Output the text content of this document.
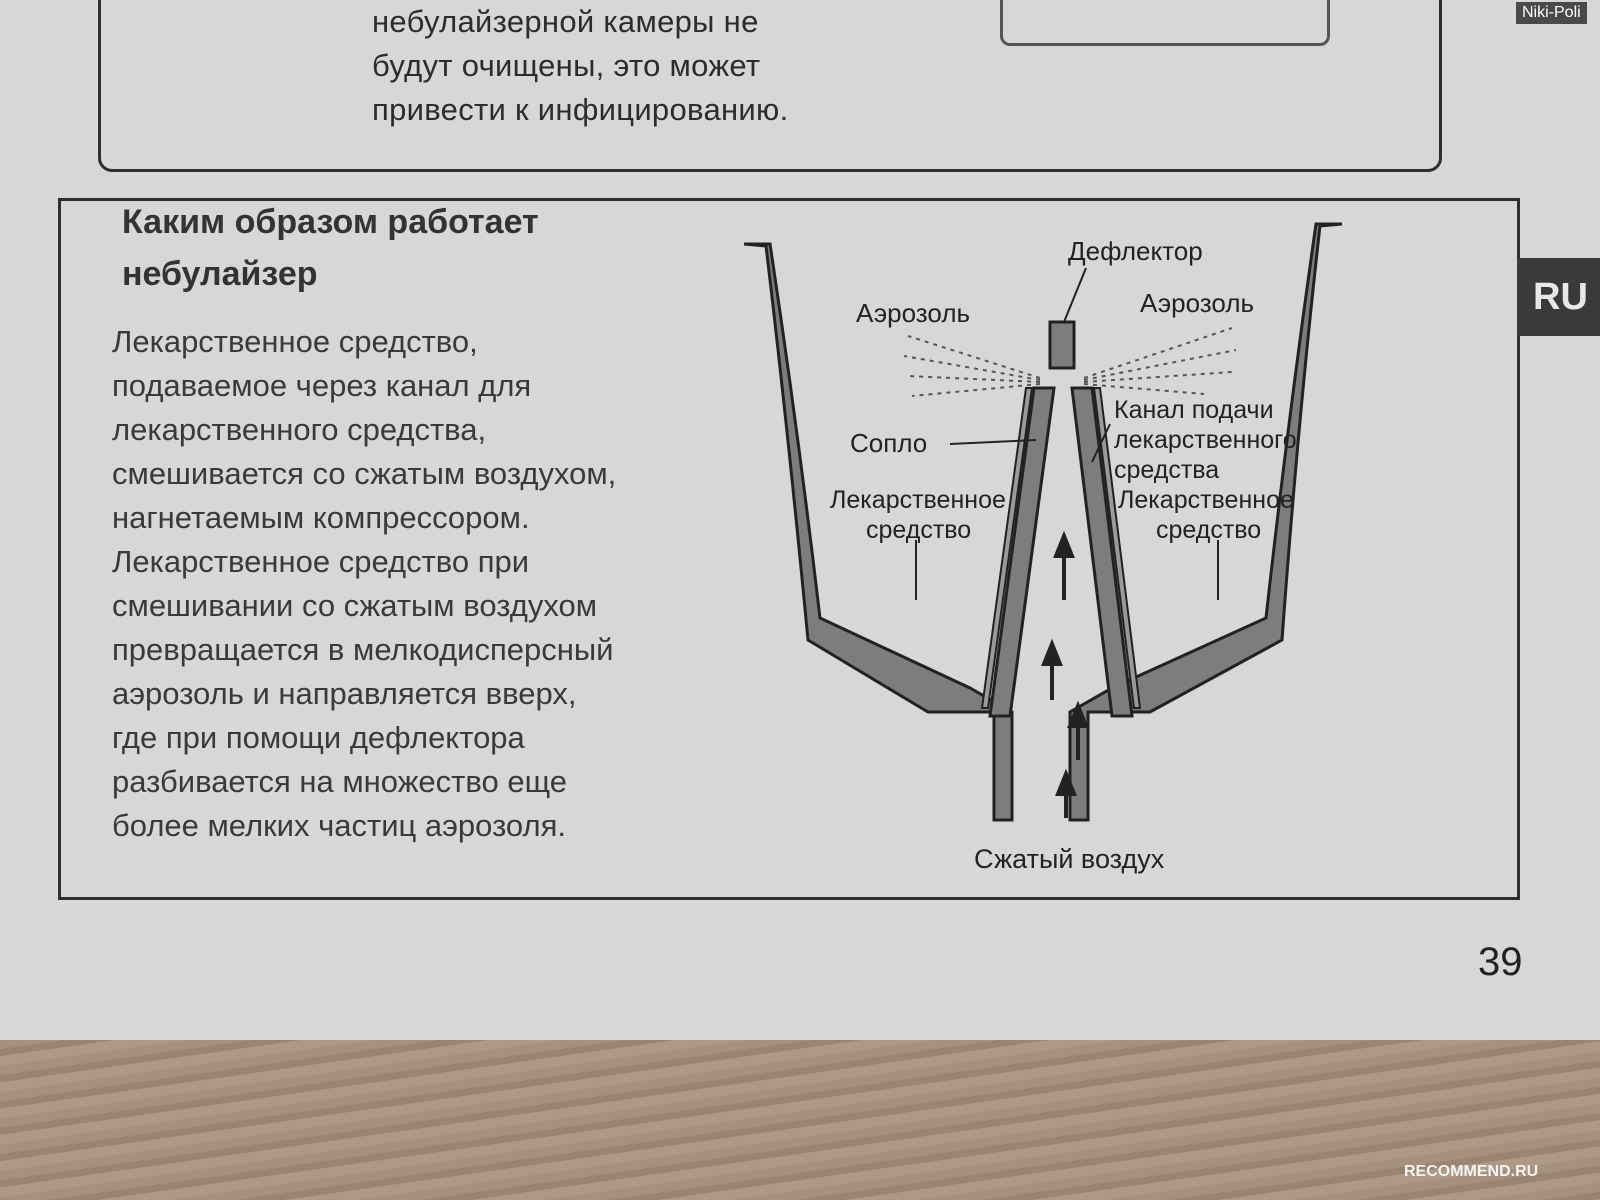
небулайзерной камеры не
будут очищены, это может
привести к инфицированию.
Каким образом работает
небулайзер
Лекарственное средство,
подаваемое через канал для
лекарственного средства,
смешивается со сжатым воздухом,
нагнетаемым компрессором.
Лекарственное средство при
смешивании со сжатым воздухом
превращается в мелкодисперсный
аэрозоль и направляется вверх,
где при помощи дефлектора
разбивается на множество еще
более мелких частиц аэрозоля.
Дефлектор
Аэрозоль	Аэрозоль
Сопло
Канал подачи
лекарственного
средства
Лекарственное
средство
Лекарственное
средство
Сжатый воздух
RU
39
Niki-Poli
RECOMMEND.RU
